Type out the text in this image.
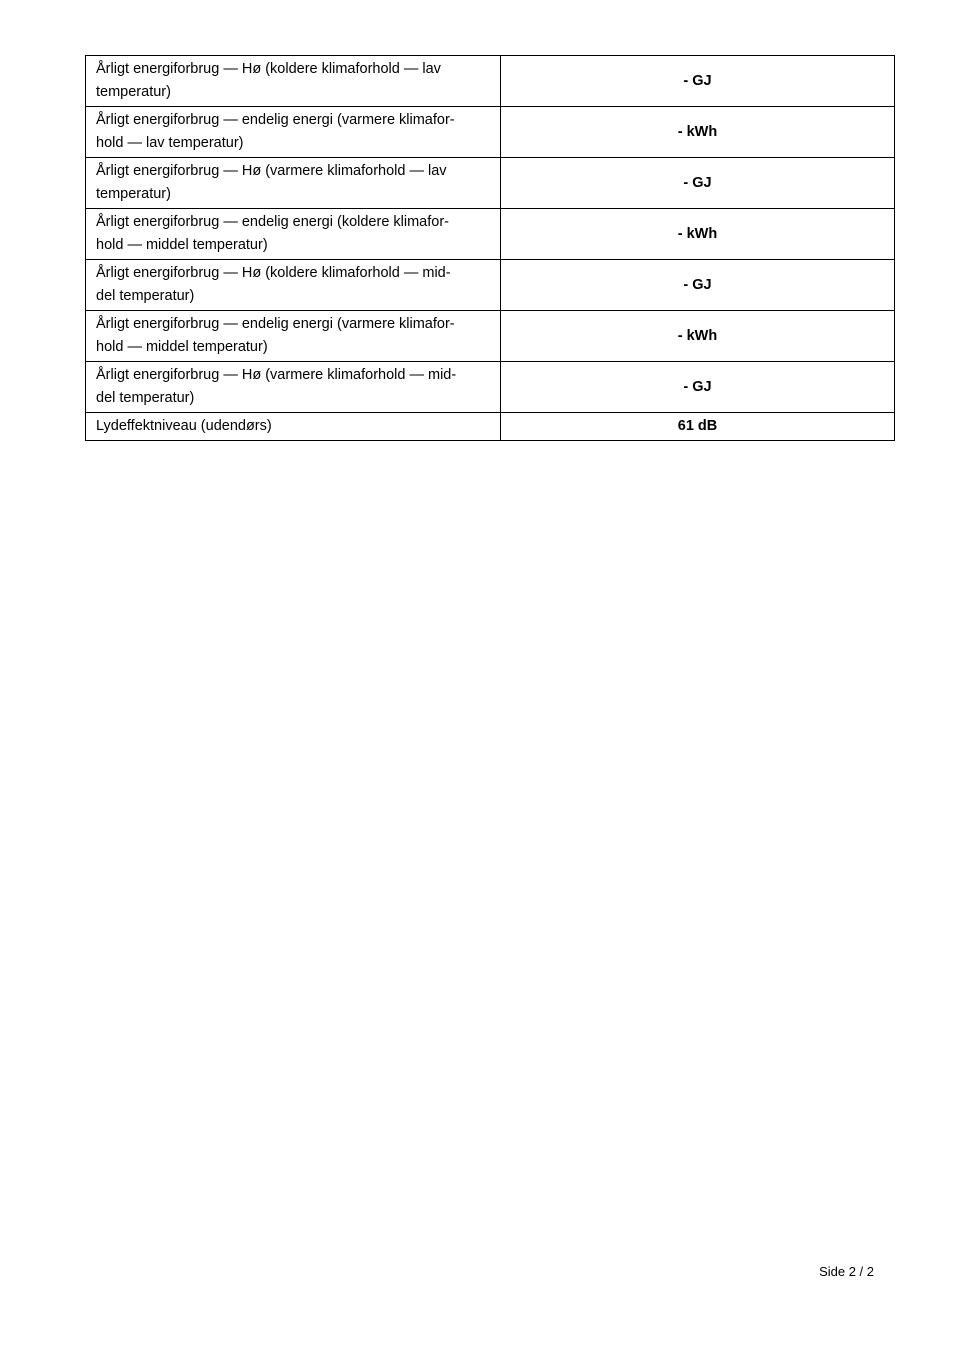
Årligt energiforbrug — Hø (koldere klimaforhold — lav
temperatur)	- GJ
Årligt energiforbrug — endelig energi (varmere klimafor-
hold — lav temperatur)	- kWh
Årligt energiforbrug — Hø (varmere klimaforhold — lav
temperatur)	- GJ
Årligt energiforbrug — endelig energi (koldere klimafor-
hold — middel temperatur)	- kWh
Årligt energiforbrug — Hø (koldere klimaforhold — mid-
del temperatur)	- GJ
Årligt energiforbrug — endelig energi (varmere klimafor-
hold — middel temperatur)	- kWh
Årligt energiforbrug — Hø (varmere klimaforhold — mid-
del temperatur)	- GJ
Lydeffektniveau (udendørs)	61 dB
Side 2 / 2
